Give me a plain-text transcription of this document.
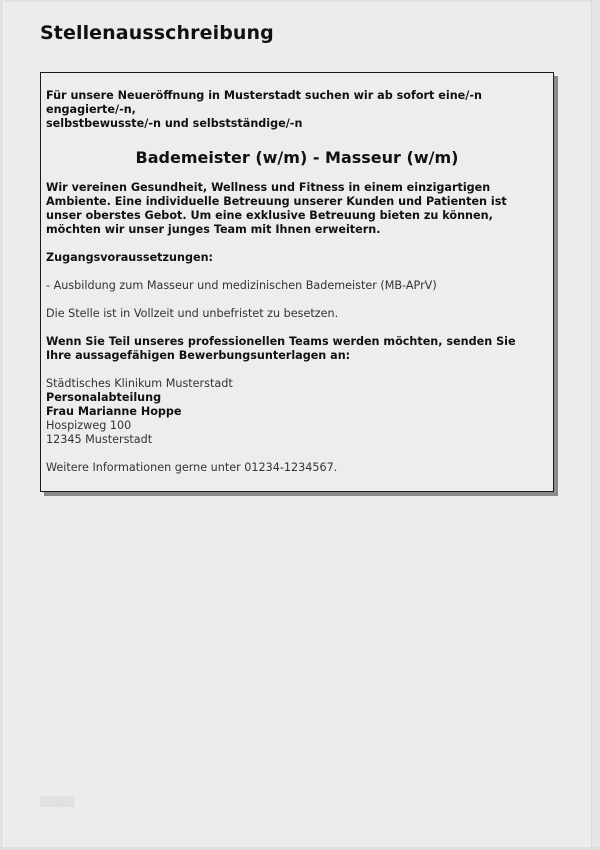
Stellenausschreibung
Für unsere Neueröffnung in Musterstadt suchen wir ab sofort eine/-n
engagierte/-n,
selbstbewusste/-n und selbstständige/-n
Bademeister (w/m) - Masseur (w/m)

Wir vereinen Gesundheit, Wellness und Fitness in einem einzigartigen
Ambiente. Eine individuelle Betreuung unserer Kunden und Patienten ist
unser oberstes Gebot. Um eine exklusive Betreuung bieten zu können,
möchten wir unser junges Team mit Ihnen erweitern.

Zugangsvoraussetzungen:

- Ausbildung zum Masseur und medizinischen Bademeister (MB-APrV)

Die Stelle ist in Vollzeit und unbefristet zu besetzen.

Wenn Sie Teil unseres professionellen Teams werden möchten, senden Sie
Ihre aussagefähigen Bewerbungsunterlagen an:

Städtisches Klinikum Musterstadt
Personalabteilung
Frau Marianne Hoppe
Hospizweg 100
12345 Musterstadt

Weitere Informationen gerne unter 01234-1234567.

▒▒▒▒▒
